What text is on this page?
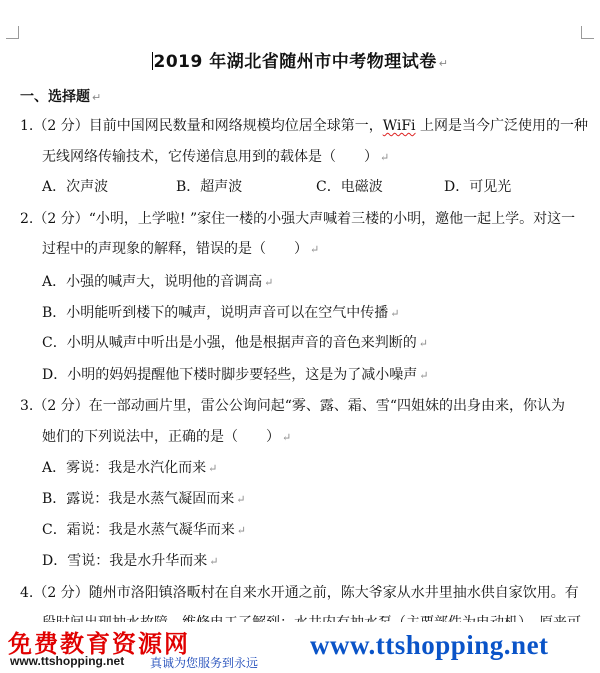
2019 年湖北省随州市中考物理试卷 ↵
一、选择题 ↵
1.（2 分）目前中国网民数量和网络规模均位居全球第一，WiFi 上网是当今广泛使用的一种
无线网络传输技术，它传递信息用到的载体是（　　） ↵
A．次声波	B．超声波	C．电磁波	D．可见光
2.（2 分）“小明，上学啦! ”家住一楼的小强大声喊着三楼的小明，邀他一起上学。对这一
过程中的声现象的解释，错误的是（　　） ↵
A．小强的喊声大，说明他的音调高 ↵
B．小明能听到楼下的喊声，说明声音可以在空气中传播 ↵
C．小明从喊声中听出是小强，他是根据声音的音色来判断的 ↵
D．小明的妈妈提醒他下楼时脚步要轻些，这是为了减小噪声 ↵
3.（2 分）在一部动画片里，雷公公询问起“雾、露、霜、雪“四姐妹的出身由来，你认为
她们的下列说法中，正确的是（　　） ↵
A．雾说：我是水汽化而来 ↵
B．露说：我是水蒸气凝固而来 ↵
C．霜说：我是水蒸气凝华而来 ↵
D．雪说：我是水升华而来 ↵
4.（2 分）随州市洛阳镇洛畈村在自来水开通之前，陈大爷家从水井里抽水供自家饮用。有
免费教育资源网
www.ttshopping.net 真诚为您服务到永远
www.ttshopping.net
